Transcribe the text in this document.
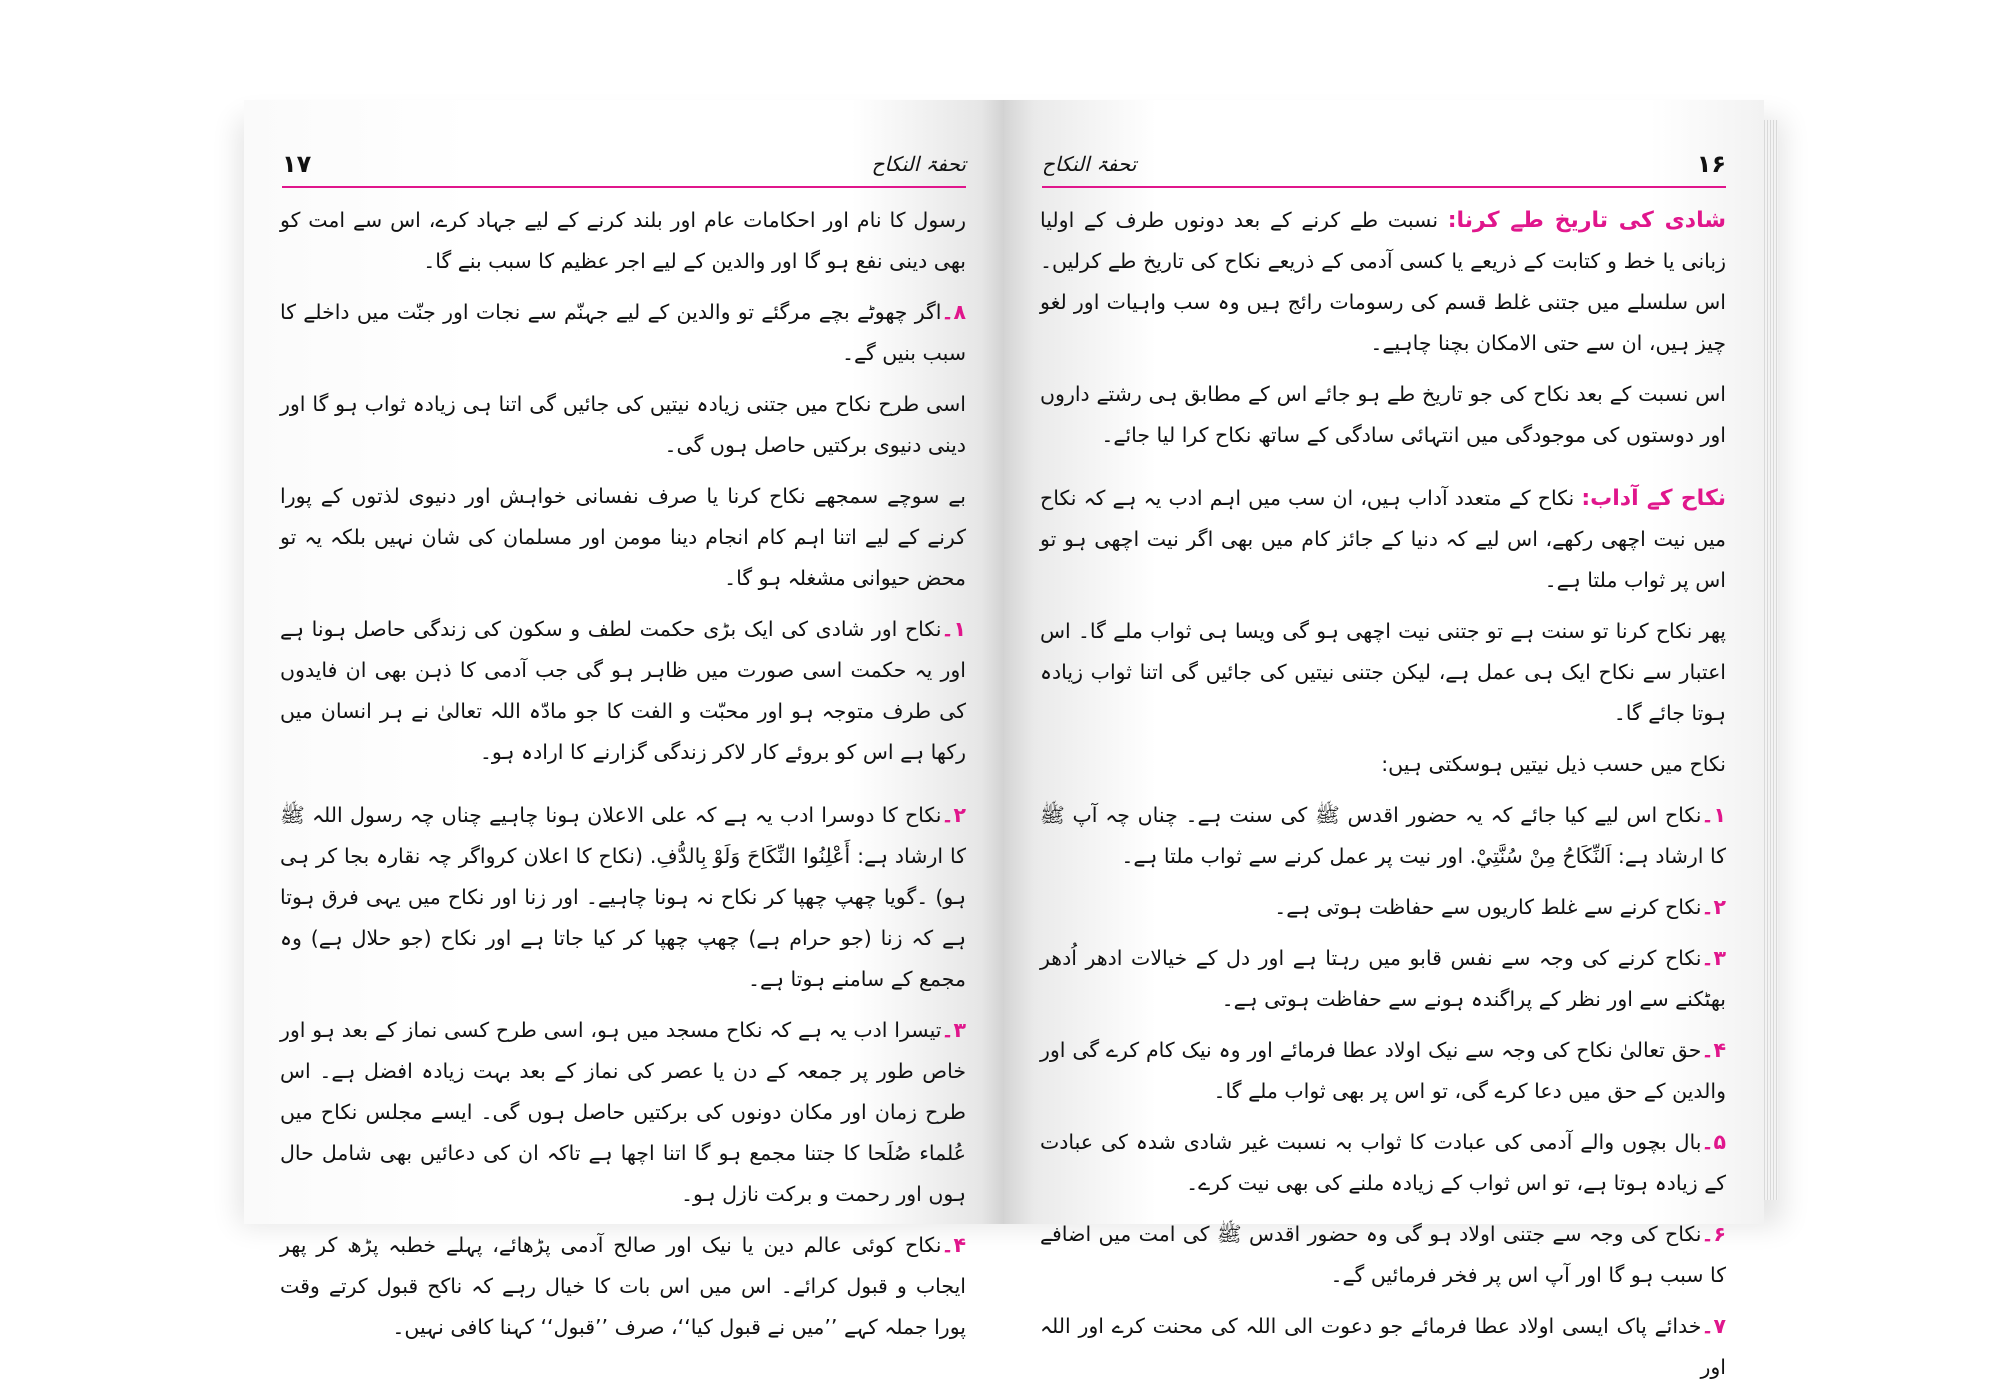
۱۷	تحفۃ النکاح

رسول کا نام اور احکامات عام اور بلند کرنے کے لیے جہاد کرے، اس سے امت کو بھی دینی نفع ہو گا اور والدین کے لیے اجر عظیم کا سبب بنے گا۔

۸۔اگر چھوٹے بچے مرگئے تو والدین کے لیے جہنّم سے نجات اور جنّت میں داخلے کا سبب بنیں گے۔

اسی طرح نکاح میں جتنی زیادہ نیتیں کی جائیں گی اتنا ہی زیادہ ثواب ہو گا اور دینی دنیوی برکتیں حاصل ہوں گی۔

بے سوچے سمجھے نکاح کرنا یا صرف نفسانی خواہش اور دنیوی لذتوں کے پورا کرنے کے لیے اتنا اہم کام انجام دینا مومن اور مسلمان کی شان نہیں بلکہ یہ تو محض حیوانی مشغلہ ہو گا۔

۱۔نکاح اور شادی کی ایک بڑی حکمت لطف و سکون کی زندگی حاصل ہونا ہے اور یہ حکمت اسی صورت میں ظاہر ہو گی جب آدمی کا ذہن بھی ان فایدوں کی طرف متوجہ ہو اور محبّت و الفت کا جو مادّہ اللہ تعالیٰ نے ہر انسان میں رکھا ہے اس کو بروئے کار لاکر زندگی گزارنے کا ارادہ ہو۔

۲۔نکاح کا دوسرا ادب یہ ہے کہ علی الاعلان ہونا چاہیے چناں چہ رسول اللہ ﷺ کا ارشاد ہے: أَعْلِنُوا النِّكَاحَ وَلَوْ بِالدُّفِ. (نکاح کا اعلان کرواگر چہ نقارہ بجا کر ہی ہو) ۔گویا چھپ چھپا کر نکاح نہ ہونا چاہیے۔ اور زنا اور نکاح میں یہی فرق ہوتا ہے کہ زنا (جو حرام ہے) چھپ چھپا کر کیا جاتا ہے اور نکاح (جو حلال ہے) وہ مجمع کے سامنے ہوتا ہے۔

۳۔تیسرا ادب یہ ہے کہ نکاح مسجد میں ہو، اسی طرح کسی نماز کے بعد ہو اور خاص طور پر جمعہ کے دن یا عصر کی نماز کے بعد بہت زیادہ افضل ہے۔ اس طرح زمان اور مکان دونوں کی برکتیں حاصل ہوں گی۔ ایسے مجلس نکاح میں عُلماء صُلَحا کا جتنا مجمع ہو گا اتنا اچھا ہے تاکہ ان کی دعائیں بھی شامل حال ہوں اور رحمت و برکت نازل ہو۔

۴۔نکاح کوئی عالم دین یا نیک اور صالح آدمی پڑھائے، پہلے خطبہ پڑھ کر پھر ایجاب و قبول کرائے۔ اس میں اس بات کا خیال رہے کہ ناکح قبول کرتے وقت پورا جملہ کہے ’’میں نے قبول کیا‘‘، صرف ’’قبول‘‘ کہنا کافی نہیں۔

تحفۃ النکاح	۱۶

شادی کی تاریخ طے کرنا: نسبت طے کرنے کے بعد دونوں طرف کے اولیا زبانی یا خط و کتابت کے ذریعے یا کسی آدمی کے ذریعے نکاح کی تاریخ طے کرلیں۔ اس سلسلے میں جتنی غلط قسم کی رسومات رائج ہیں وہ سب واہیات اور لغو چیز ہیں، ان سے حتی الامکان بچنا چاہیے۔

اس نسبت کے بعد نکاح کی جو تاریخ طے ہو جائے اس کے مطابق ہی رشتے داروں اور دوستوں کی موجودگی میں انتہائی سادگی کے ساتھ نکاح کرا لیا جائے۔

نکاح کے آداب: نکاح کے متعدد آداب ہیں، ان سب میں اہم ادب یہ ہے کہ نکاح میں نیت اچھی رکھے، اس لیے کہ دنیا کے جائز کام میں بھی اگر نیت اچھی ہو تو اس پر ثواب ملتا ہے۔

پھر نکاح کرنا تو سنت ہے تو جتنی نیت اچھی ہو گی ویسا ہی ثواب ملے گا۔ اس اعتبار سے نکاح ایک ہی عمل ہے، لیکن جتنی نیتیں کی جائیں گی اتنا ثواب زیادہ ہوتا جائے گا۔

نکاح میں حسب ذیل نیتیں ہوسکتی ہیں:

۱۔نکاح اس لیے کیا جائے کہ یہ حضور اقدس ﷺ کی سنت ہے۔ چناں چہ آپ ﷺ کا ارشاد ہے: اَلنِّكَاحُ مِنْ سُنَّتِيْ. اور نیت پر عمل کرنے سے ثواب ملتا ہے۔

۲۔نکاح کرنے سے غلط کاریوں سے حفاظت ہوتی ہے۔

۳۔نکاح کرنے کی وجہ سے نفس قابو میں رہتا ہے اور دل کے خیالات ادھر اُدھر بھٹکنے سے اور نظر کے پراگندہ ہونے سے حفاظت ہوتی ہے۔

۴۔حق تعالیٰ نکاح کی وجہ سے نیک اولاد عطا فرمائے اور وہ نیک کام کرے گی اور والدین کے حق میں دعا کرے گی، تو اس پر بھی ثواب ملے گا۔

۵۔بال بچوں والے آدمی کی عبادت کا ثواب بہ نسبت غیر شادی شدہ کی عبادت کے زیادہ ہوتا ہے، تو اس ثواب کے زیادہ ملنے کی بھی نیت کرے۔

۶۔نکاح کی وجہ سے جتنی اولاد ہو گی وہ حضور اقدس ﷺ کی امت میں اضافے کا سبب ہو گا اور آپ اس پر فخر فرمائیں گے۔

۷۔خدائے پاک ایسی اولاد عطا فرمائے جو دعوت الی اللہ کی محنت کرے اور اللہ اور
